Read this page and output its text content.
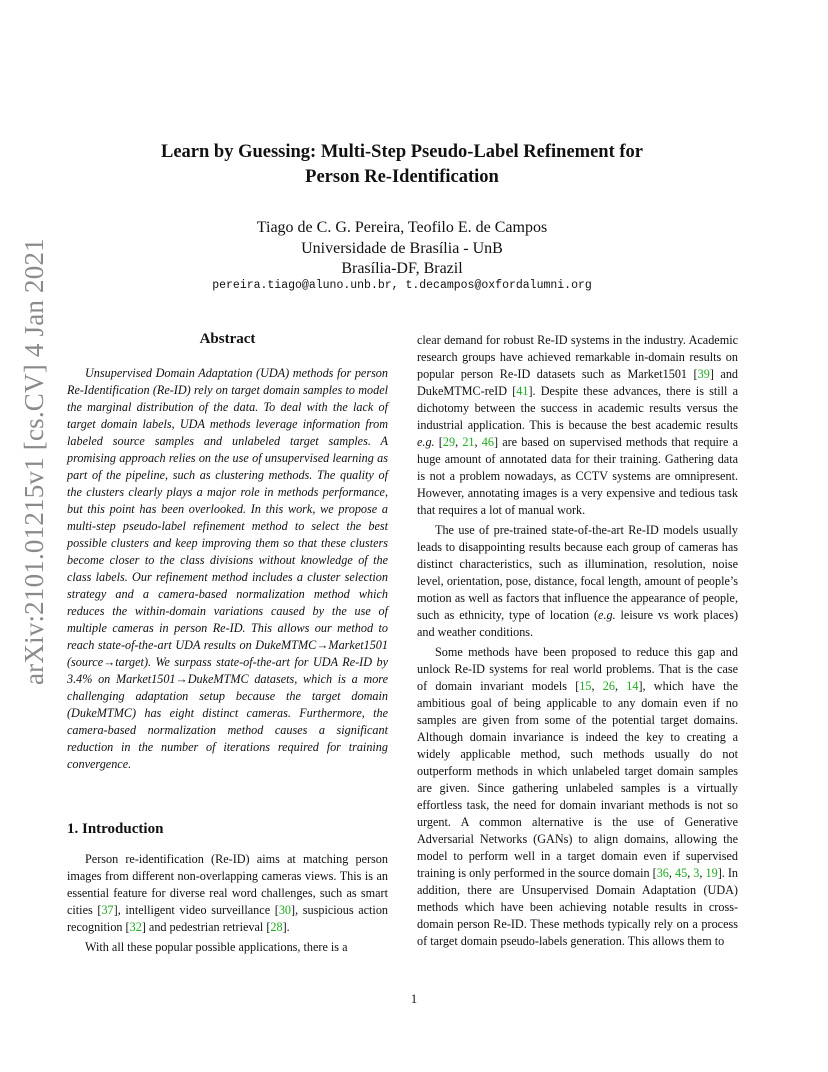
arXiv:2101.01215v1 [cs.CV] 4 Jan 2021
Learn by Guessing: Multi-Step Pseudo-Label Refinement for
Person Re-Identification
Tiago de C. G. Pereira, Teofilo E. de Campos
Universidade de Brasília - UnB
Brasília-DF, Brazil
pereira.tiago@aluno.unb.br, t.decampos@oxfordalumni.org
Abstract

Unsupervised Domain Adaptation (UDA) methods for person Re-Identification (Re-ID) rely on target domain samples to model the marginal distribution of the data. To deal with the lack of target domain labels, UDA methods leverage information from labeled source samples and unlabeled target samples. A promising approach relies on the use of unsupervised learning as part of the pipeline, such as clustering methods. The quality of the clusters clearly plays a major role in methods performance, but this point has been overlooked. In this work, we propose a multi-step pseudo-label refinement method to select the best possible clusters and keep improving them so that these clusters become closer to the class divisions without knowledge of the class labels. Our refinement method includes a cluster selection strategy and a camera-based normalization method which reduces the within-domain variations caused by the use of multiple cameras in person Re-ID. This allows our method to reach state-of-the-art UDA results on DukeMTMC→Market1501 (source→target). We surpass state-of-the-art for UDA Re-ID by 3.4% on Market1501→DukeMTMC datasets, which is a more challenging adaptation setup because the target domain (DukeMTMC) has eight distinct cameras. Furthermore, the camera-based normalization method causes a significant reduction in the number of iterations required for training convergence.

1. Introduction

Person re-identification (Re-ID) aims at matching person images from different non-overlapping cameras views. This is an essential feature for diverse real word challenges, such as smart cities [37], intelligent video surveillance [30], suspicious action recognition [32] and pedestrian retrieval [28].

With all these popular possible applications, there is a

clear demand for robust Re-ID systems in the industry. Academic research groups have achieved remarkable in-domain results on popular person Re-ID datasets such as Market1501 [39] and DukeMTMC-reID [41]. Despite these advances, there is still a dichotomy between the success in academic results versus the industrial application. This is because the best academic results e.g. [29, 21, 46] are based on supervised methods that require a huge amount of annotated data for their training. Gathering data is not a problem nowadays, as CCTV systems are omnipresent. However, annotating images is a very expensive and tedious task that requires a lot of manual work.

The use of pre-trained state-of-the-art Re-ID models usually leads to disappointing results because each group of cameras has distinct characteristics, such as illumination, resolution, noise level, orientation, pose, distance, focal length, amount of people’s motion as well as factors that influence the appearance of people, such as ethnicity, type of location (e.g. leisure vs work places) and weather conditions.

Some methods have been proposed to reduce this gap and unlock Re-ID systems for real world problems. That is the case of domain invariant models [15, 26, 14], which have the ambitious goal of being applicable to any domain even if no samples are given from some of the potential target domains. Although domain invariance is indeed the key to creating a widely applicable method, such methods usually do not outperform methods in which unlabeled target domain samples are given. Since gathering unlabeled samples is a virtually effortless task, the need for domain invariant methods is not so urgent. A common alternative is the use of Generative Adversarial Networks (GANs) to align domains, allowing the model to perform well in a target domain even if supervised training is only performed in the source domain [36, 45, 3, 19]. In addition, there are Unsupervised Domain Adaptation (UDA) methods which have been achieving notable results in cross-domain person Re-ID. These methods typically rely on a process of target domain pseudo-labels generation. This allows them to

1
